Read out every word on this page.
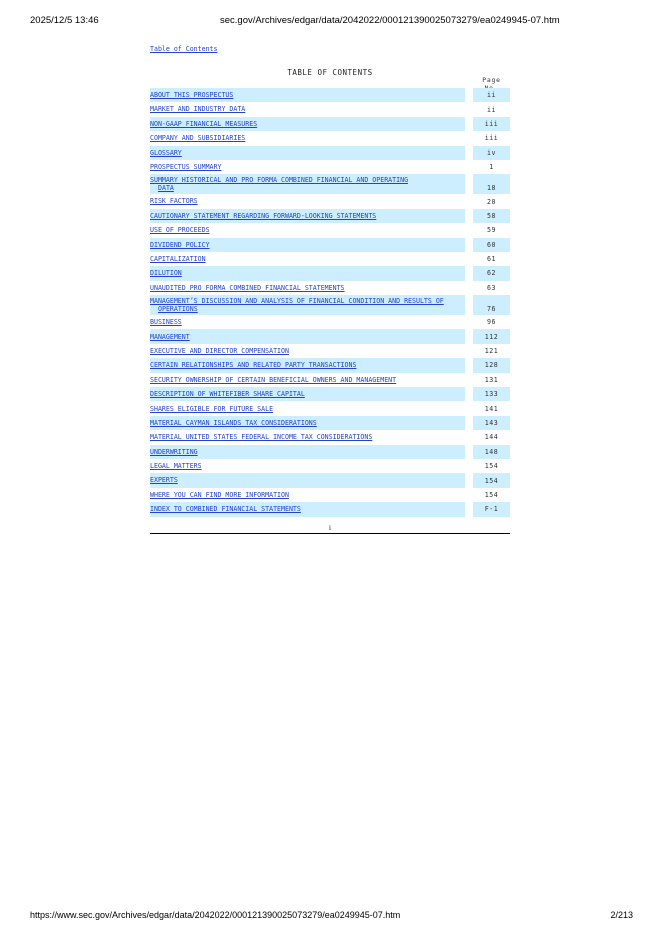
2025/12/5 13:46	sec.gov/Archives/edgar/data/2042022/000121390025073279/ea0249945-07.htm
Table of Contents
TABLE OF CONTENTS
Page
ABOUT THIS PROSPECTUS		ii
MARKET AND INDUSTRY DATA		ii
NON-GAAP FINANCIAL MEASURES		iii
COMPANY AND SUBSIDIARIES		iii
GLOSSARY		iv
PROSPECTUS SUMMARY		1
SUMMARY HISTORICAL AND PRO FORMA COMBINED FINANCIAL AND OPERATING
DATA		18
RISK FACTORS		20
CAUTIONARY STATEMENT REGARDING FORWARD-LOOKING STATEMENTS		58
USE OF PROCEEDS		59
DIVIDEND POLICY		60
CAPITALIZATION		61
DILUTION		62
UNAUDITED PRO FORMA COMBINED FINANCIAL STATEMENTS		63
MANAGEMENT’S DISCUSSION AND ANALYSIS OF FINANCIAL CONDITION AND RESULTS OF
OPERATIONS		76
BUSINESS		96
MANAGEMENT		112
EXECUTIVE AND DIRECTOR COMPENSATION		121
CERTAIN RELATIONSHIPS AND RELATED PARTY TRANSACTIONS		128
SECURITY OWNERSHIP OF CERTAIN BENEFICIAL OWNERS AND MANAGEMENT		131
DESCRIPTION OF WHITEFIBER SHARE CAPITAL		133
SHARES ELIGIBLE FOR FUTURE SALE		141
MATERIAL CAYMAN ISLANDS TAX CONSIDERATIONS		143
MATERIAL UNITED STATES FEDERAL INCOME TAX CONSIDERATIONS		144
UNDERWRITING		148
LEGAL MATTERS		154
EXPERTS		154
WHERE YOU CAN FIND MORE INFORMATION		154
INDEX TO COMBINED FINANCIAL STATEMENTS		F-1
i
https://www.sec.gov/Archives/edgar/data/2042022/000121390025073279/ea0249945-07.htm	2/213
